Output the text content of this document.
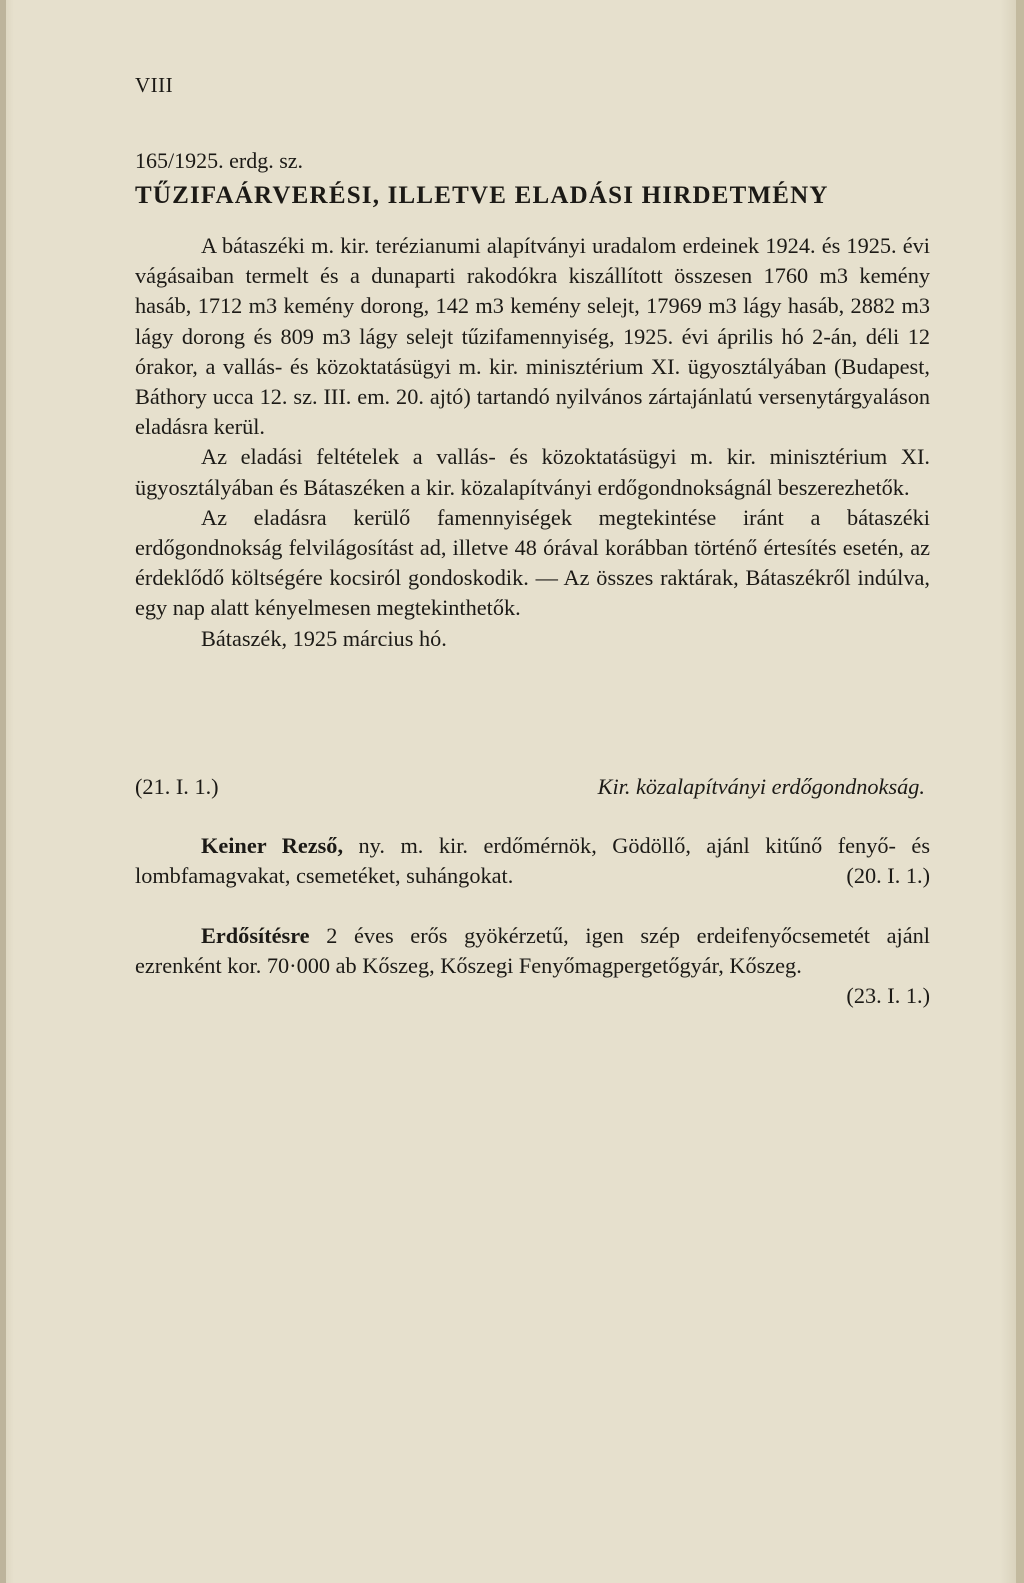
VIII
165/1925. erdg. sz.
TŰZIFAÁRVERÉSI, ILLETVE ELADÁSI HIRDETMÉNY
A bátaszéki m. kir. terézianumi alapítványi uradalom erdeinek 1924. és 1925. évi vágásaiban termelt és a dunaparti rakodókra kiszállított összesen 1760 m3 kemény hasáb, 1712 m3 kemény dorong, 142 m3 kemény selejt, 17969 m3 lágy hasáb, 2882 m3 lágy dorong és 809 m3 lágy selejt tűzifamennyiség, 1925. évi április hó 2-án, déli 12 órakor, a vallás- és közoktatásügyi m. kir. minisztérium XI. ügyosztályában (Budapest, Báthory ucca 12. sz. III. em. 20. ajtó) tartandó nyilvános zártajánlatú versenytárgyaláson eladásra kerül.
Az eladási feltételek a vallás- és közoktatásügyi m. kir. minisztérium XI. ügyosztályában és Bátaszéken a kir. közalapítványi erdőgondnokságnál beszerezhetők.
Az eladásra kerülő famennyiségek megtekintése iránt a bátaszéki erdőgondnokság felvilágosítást ad, illetve 48 órával korábban történő értesítés esetén, az érdeklődő költségére kocsiról gondoskodik. — Az összes raktárak, Bátaszékről indúlva, egy nap alatt kényelmesen megtekinthetők.
Bátaszék, 1925 március hó.
(21. I. 1.)	Kir. közalapítványi erdőgondnokság.
Keiner Rezső, ny. m. kir. erdőmérnök, Gödöllő, ajánl kitűnő fenyő- és lombfamagvakat, csemetéket, suhángokat.	(20. I. 1.)
Erdősítésre 2 éves erős gyökérzetű, igen szép erdeifenyőcsemetét ajánl ezrenként kor. 70·000 ab Kőszeg, Kőszegi Fenyőmagpergetőgyár, Kőszeg.
(23. I. 1.)
